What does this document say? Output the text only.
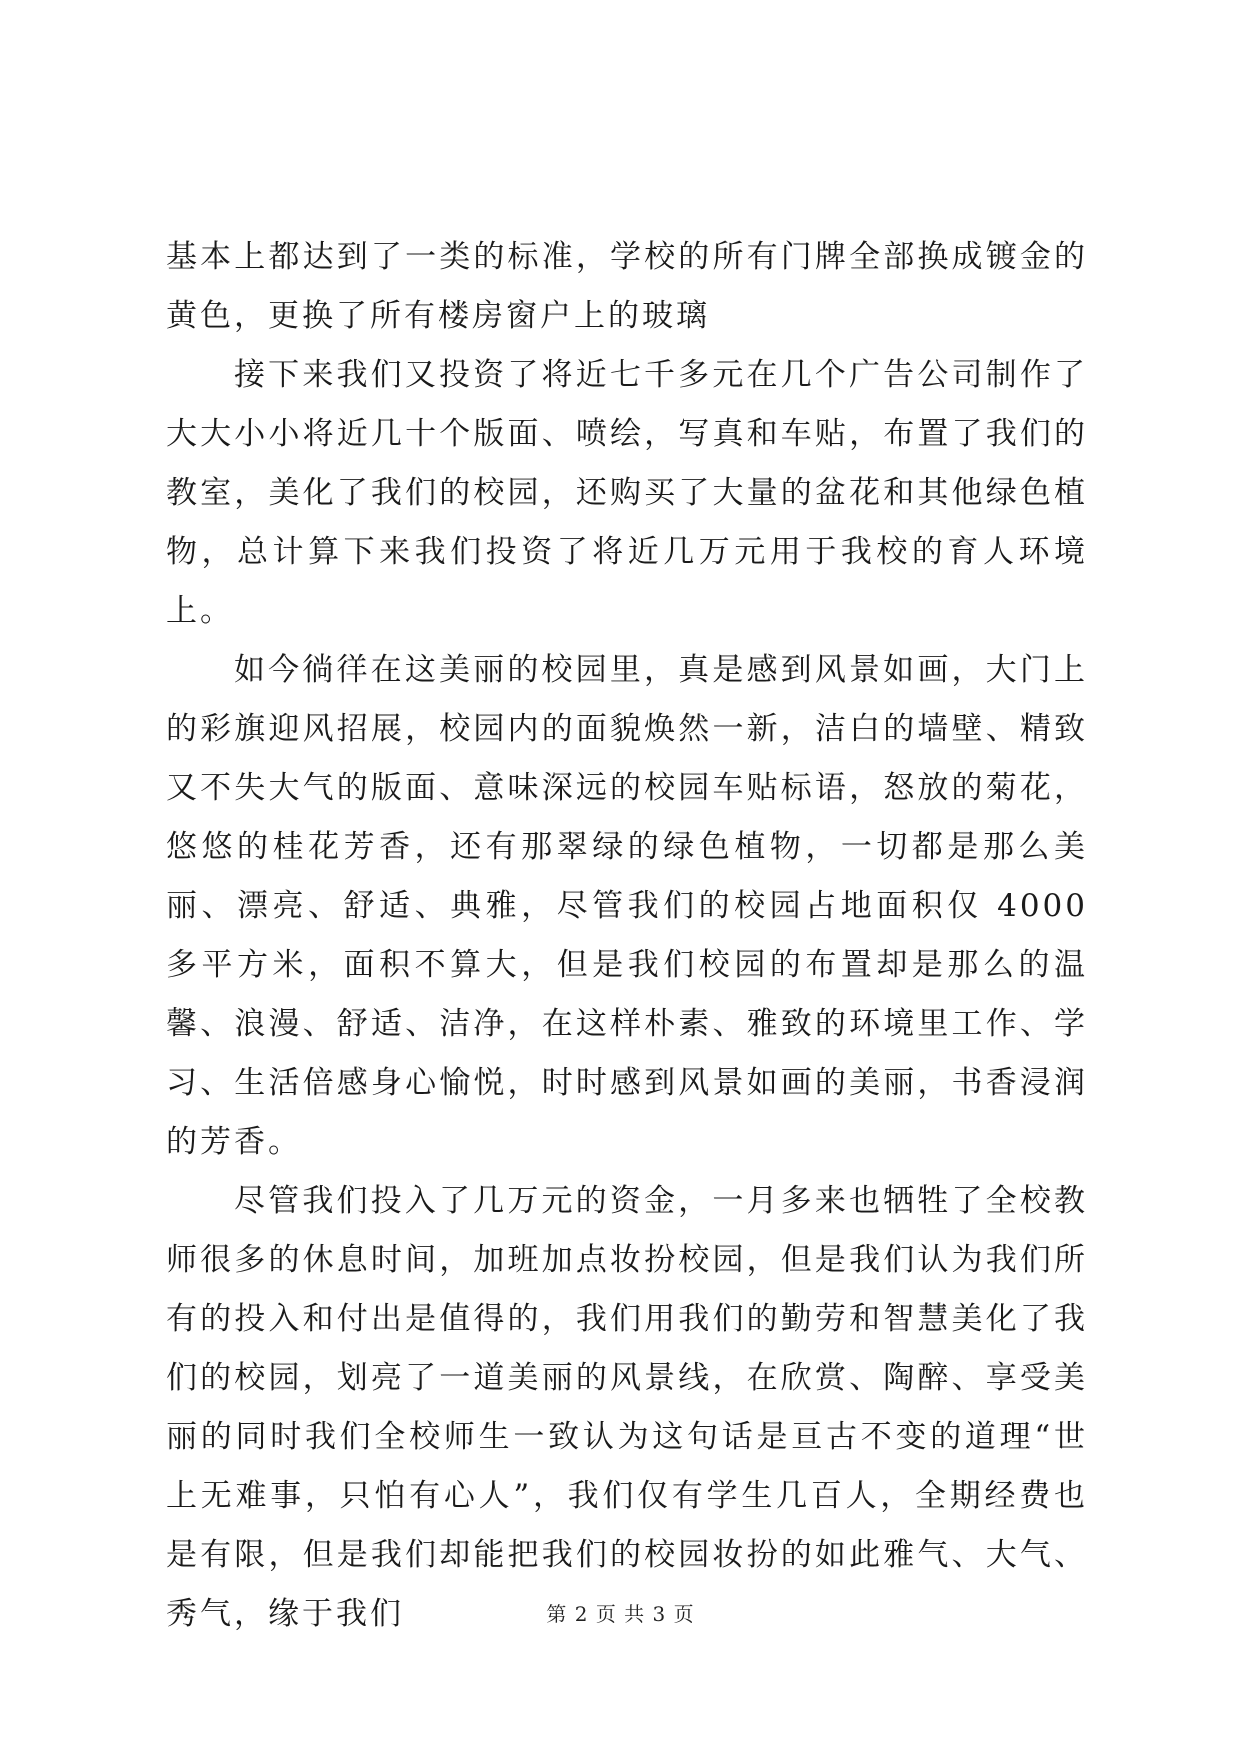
基本上都达到了一类的标准，学校的所有门牌全部换成镀金的黄色，更换了所有楼房窗户上的玻璃

接下来我们又投资了将近七千多元在几个广告公司制作了大大小小将近几十个版面、喷绘，写真和车贴，布置了我们的教室，美化了我们的校园，还购买了大量的盆花和其他绿色植物，总计算下来我们投资了将近几万元用于我校的育人环境上。

如今徜徉在这美丽的校园里，真是感到风景如画，大门上的彩旗迎风招展，校园内的面貌焕然一新，洁白的墙壁、精致又不失大气的版面、意味深远的校园车贴标语，怒放的菊花，悠悠的桂花芳香，还有那翠绿的绿色植物，一切都是那么美丽、漂亮、舒适、典雅，尽管我们的校园占地面积仅 4000 多平方米，面积不算大，但是我们校园的布置却是那么的温馨、浪漫、舒适、洁净，在这样朴素、雅致的环境里工作、学习、生活倍感身心愉悦，时时感到风景如画的美丽，书香浸润的芳香。

尽管我们投入了几万元的资金，一月多来也牺牲了全校教师很多的休息时间，加班加点妆扮校园，但是我们认为我们所有的投入和付出是值得的，我们用我们的勤劳和智慧美化了我们的校园，划亮了一道美丽的风景线，在欣赏、陶醉、享受美丽的同时我们全校师生一致认为这句话是亘古不变的道理“世上无难事，只怕有心人”，我们仅有学生几百人，全期经费也是有限，但是我们却能把我们的校园妆扮的如此雅气、大气、秀气，缘于我们	第 2 页 共 3 页
